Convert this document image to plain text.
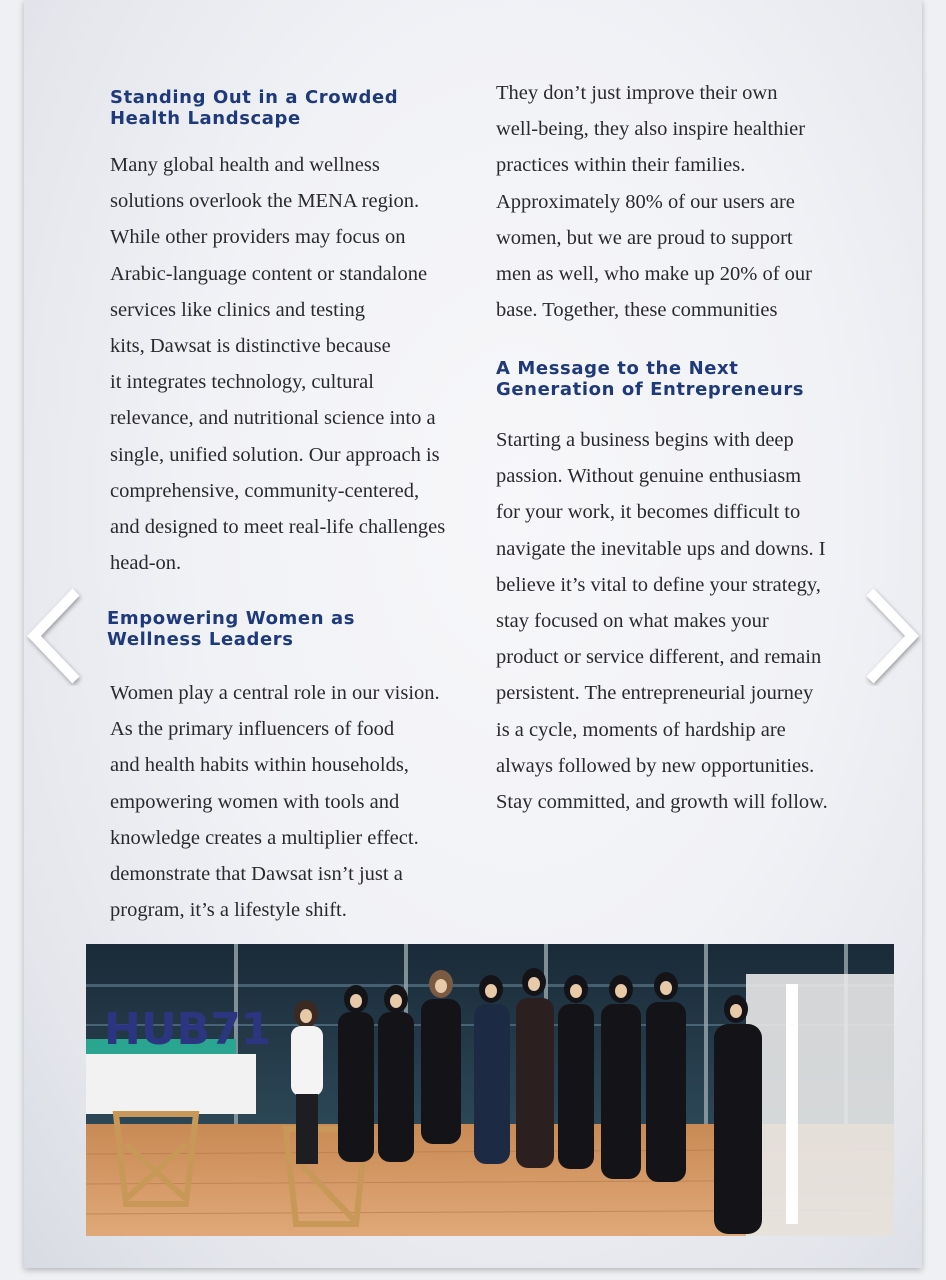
Standing Out in a Crowded Health Landscape

Many global health and wellness
solutions overlook the MENA region.
While other providers may focus on
Arabic-language content or standalone
services like clinics and testing
kits, Dawsat is distinctive because
it integrates technology, cultural
relevance, and nutritional science into a
single, unified solution. Our approach is
comprehensive, community-centered,
and designed to meet real-life challenges
head-on.

Empowering Women as Wellness Leaders

Women play a central role in our vision.
As the primary influencers of food
and health habits within households,
empowering women with tools and
knowledge creates a multiplier effect.
demonstrate that Dawsat isn’t just a
program, it’s a lifestyle shift.

They don’t just improve their own
well-being, they also inspire healthier
practices within their families.
Approximately 80% of our users are
women, but we are proud to support
men as well, who make up 20% of our
base. Together, these communities

A Message to the Next Generation of Entrepreneurs

Starting a business begins with deep
passion. Without genuine enthusiasm
for your work, it becomes difficult to
navigate the inevitable ups and downs. I
believe it’s vital to define your strategy,
stay focused on what makes your
product or service different, and remain
persistent. The entrepreneurial journey
is a cycle, moments of hardship are
always followed by new opportunities.
Stay committed, and growth will follow.

HUB71
